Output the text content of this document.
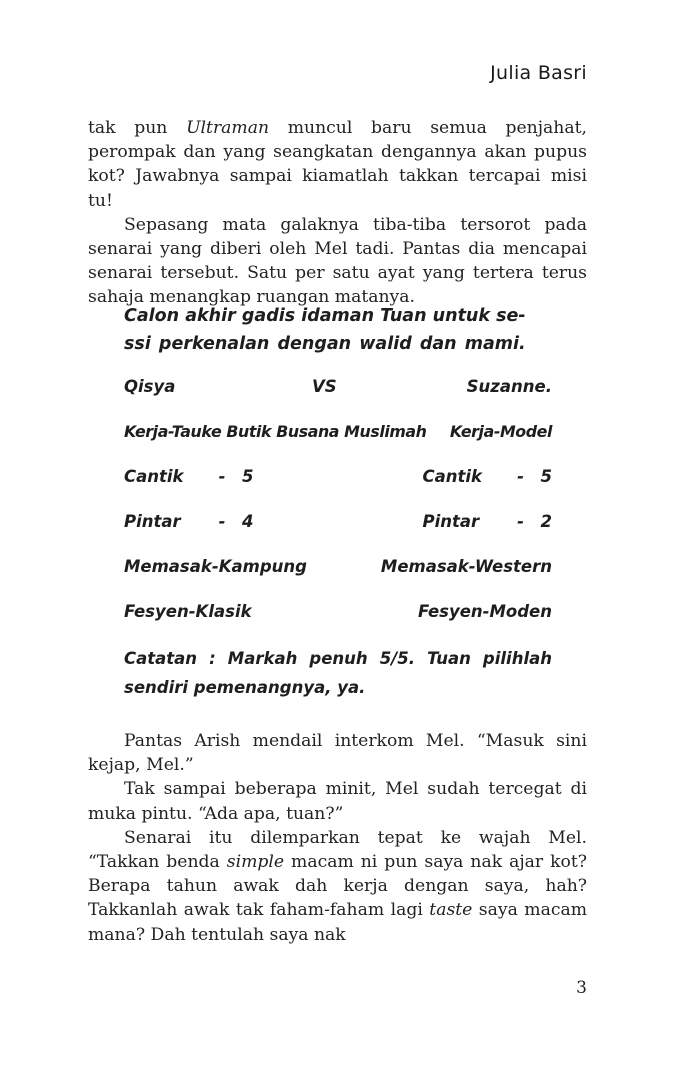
Julia Basri

tak pun Ultraman muncul baru semua penjahat, perompak dan yang seangkatan dengannya akan pupus kot? Jawabnya sampai kiamatlah takkan tercapai misi tu!

Sepasang mata galaknya tiba-tiba tersorot pada senarai yang diberi oleh Mel tadi. Pantas dia mencapai senarai tersebut. Satu per satu ayat yang tertera terus sahaja menangkap ruangan matanya.

Calon akhir gadis idaman Tuan untuk se-
ssi perkenalan dengan walid dan mami.
Qisya	VS	Suzanne.
Kerja-Tauke Butik Busana Muslimah Kerja-Model
Cantik	-	5	Cantik	-	5
Pintar	-	4	Pintar	-	2
Memasak-Kampung	Memasak-Western
Fesyen-Klasik	Fesyen-Moden
Catatan : Markah penuh 5/5. Tuan pilihlah sendiri pemenangnya, ya.

Pantas Arish mendail interkom Mel. “Masuk sini kejap, Mel.”

Tak sampai beberapa minit, Mel sudah tercegat di muka pintu. “Ada apa, tuan?”

Senarai itu dilemparkan tepat ke wajah Mel. “Takkan benda simple macam ni pun saya nak ajar kot? Berapa tahun awak dah kerja dengan saya, hah? Takkanlah awak tak faham-faham lagi taste saya macam mana? Dah tentulah saya nak

3
